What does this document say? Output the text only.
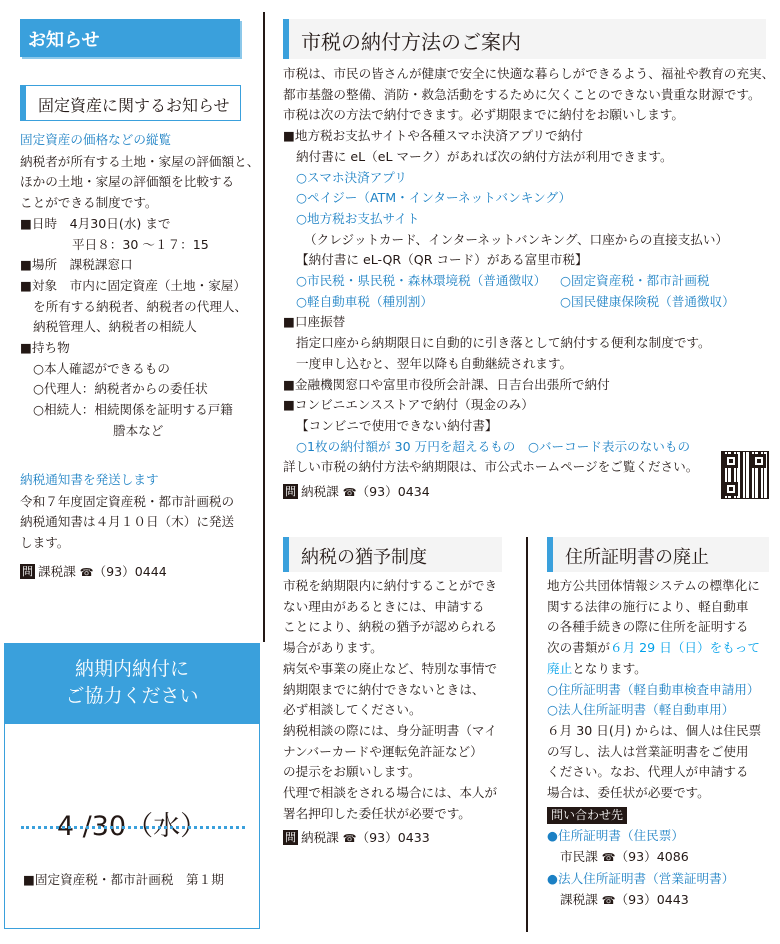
お知らせ
固定資産に関するお知らせ

固定資産の価格などの縦覧

納税者が所有する土地・家屋の評価額と、

ほかの土地・家屋の評価額を比較する

ことができる制度です。

■日時　4月30日(水) まで

平日８：30 ～１７：15

■場所　課税課窓口

■対象　市内に固定資産（土地・家屋）

を所有する納税者、納税者の代理人、

納税管理人、納税者の相続人

■持ち物

○本人確認ができるもの

○代理人：納税者からの委任状

○相続人：相続関係を証明する戸籍

謄本など

納税通知書を発送します

令和７年度固定資産税・都市計画税の

納税通知書は４月１０日（木）に発送

します。

問 課税課 ☎（93）0444

納期内納付に
ご協力ください
4 /30（水）
■固定資産税・都市計画税　第１期
市税の納付方法のご案内

市税は、市民の皆さんが健康で安全に快適な暮らしができるよう、福祉や教育の充実、

都市基盤の整備、消防・救急活動をするために欠くことのできない貴重な財源です。

市税は次の方法で納付できます。必ず期限までに納付をお願いします。

■地方税お支払サイトや各種スマホ決済アプリで納付

納付書に eL（eL マーク）があれば次の納付方法が利用できます。

○スマホ決済アプリ

○ペイジー（ATM・インターネットバンキング）

○地方税お支払サイト

（クレジットカード、インターネットバンキング、口座からの直接支払い）

【納付書に eL-QR（QR コード）がある富里市税】

○市民税・県民税・森林環境税（普通徴収） ○固定資産税・都市計画税

○軽自動車税（種別割）	○国民健康保険税（普通徴収）

■口座振替

指定口座から納期限日に自動的に引き落として納付する便利な制度です。

一度申し込むと、翌年以降も自動継続されます。

■金融機関窓口や富里市役所会計課、日吉台出張所で納付

■コンビニエンスストアで納付（現金のみ）

【コンビニで使用できない納付書】

○1枚の納付額が 30 万円を超えるもの　○バーコード表示のないもの

詳しい市税の納付方法や納期限は、市公式ホームページをご覧ください。

問 納税課 ☎（93）0434

納税の猶予制度

市税を納期限内に納付することができ

ない理由があるときには、申請する

ことにより、納税の猶予が認められる

場合があります。

病気や事業の廃止など、特別な事情で

納期限までに納付できないときは、

必ず相談してください。

納税相談の際には、身分証明書（マイ

ナンバーカードや運転免許証など）

の提示をお願いします。

代理で相談をされる場合には、本人が

署名押印した委任状が必要です。

問 納税課 ☎（93）0433

住所証明書の廃止

地方公共団体情報システムの標準化に

関する法律の施行により、軽自動車

の各種手続きの際に住所を証明する

次の書類が６月 29 日（日）をもって

廃止となります。

○住所証明書（軽自動車検査申請用）

○法人住所証明書（軽自動車用）

６月 30 日(月) からは、個人は住民票

の写し、法人は営業証明書をご使用

ください。なお、代理人が申請する

場合は、委任状が必要です。

問い合わせ先

●住所証明書（住民票）

市民課 ☎（93）4086

●法人住所証明書（営業証明書）

課税課 ☎（93）0443
